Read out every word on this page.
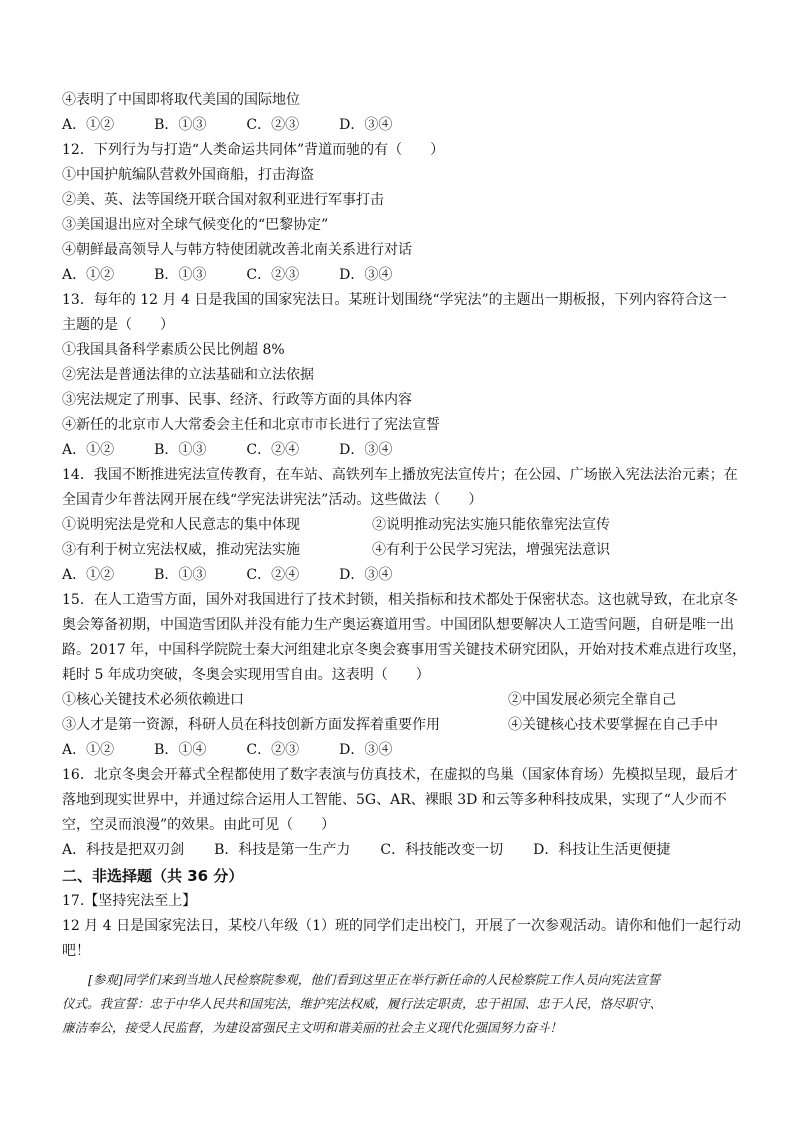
④表明了中国即将取代美国的国际地位
A．①②	B．①③	C．②③	D．③④
12．下列行为与打造“人类命运共同体”背道而驰的有（　　）
①中国护航编队营救外国商船，打击海盗
②美、英、法等国绕开联合国对叙利亚进行军事打击
③美国退出应对全球气候变化的“巴黎协定”
④朝鲜最高领导人与韩方特使团就改善北南关系进行对话
A．①②	B．①③	C．②③	D．③④
13．每年的 12 月 4 日是我国的国家宪法日。某班计划围绕“学宪法”的主题出一期板报，下列内容符合这一
主题的是（　　）
①我国具备科学素质公民比例超 8%
②宪法是普通法律的立法基础和立法依据
③宪法规定了刑事、民事、经济、行政等方面的具体内容
④新任的北京市人大常委会主任和北京市市长进行了宪法宣誓
A．①②	B．①③	C．②④	D．③④
14．我国不断推进宪法宣传教育，在车站、高铁列车上播放宪法宣传片；在公园、广场嵌入宪法法治元素；在
全国青少年普法网开展在线“学宪法讲宪法”活动。这些做法（　　）
①说明宪法是党和人民意志的集中体现	②说明推动宪法实施只能依靠宪法宣传
③有利于树立宪法权威，推动宪法实施	④有利于公民学习宪法，增强宪法意识
A．①②	B．①③	C．②④	D．③④
15．在人工造雪方面，国外对我国进行了技术封锁，相关指标和技术都处于保密状态。这也就导致，在北京冬
奥会筹备初期，中国造雪团队并没有能力生产奥运赛道用雪。中国团队想要解决人工造雪问题，自研是唯一出
路。2017 年，中国科学院院士秦大河组建北京冬奥会赛事用雪关键技术研究团队，开始对技术难点进行攻坚，
耗时 5 年成功突破，冬奥会实现用雪自由。这表明（　　）
①核心关键技术必须依赖进口	②中国发展必须完全靠自己
③人才是第一资源，科研人员在科技创新方面发挥着重要作用	④关键核心技术要掌握在自己手中
A．①②	B．①④	C．②③	D．③④
16．北京冬奥会开幕式全程都使用了数字表演与仿真技术，在虚拟的鸟巢（国家体育场）先模拟呈现，最后才
落地到现实世界中，并通过综合运用人工智能、5G、AR、裸眼 3D 和云等多种科技成果，实现了“人少而不
空，空灵而浪漫”的效果。由此可见（　　）
A．科技是把双刃剑 B．科技是第一生产力 C．科技能改变一切 D．科技让生活更便捷
二、非选择题（共 36 分）
17.【坚持宪法至上】
12 月 4 日是国家宪法日，某校八年级（1）班的同学们走出校门，开展了一次参观活动。请你和他们一起行动
吧！
[参观]同学们来到当地人民检察院参观，他们看到这里正在举行新任命的人民检察院工作人员向宪法宣誓
仪式。我宣誓：忠于中华人民共和国宪法，维护宪法权威，履行法定职责，忠于祖国、忠于人民，恪尽职守、
廉洁奉公，接受人民监督，为建设富强民主文明和谐美丽的社会主义现代化强国努力奋斗！
